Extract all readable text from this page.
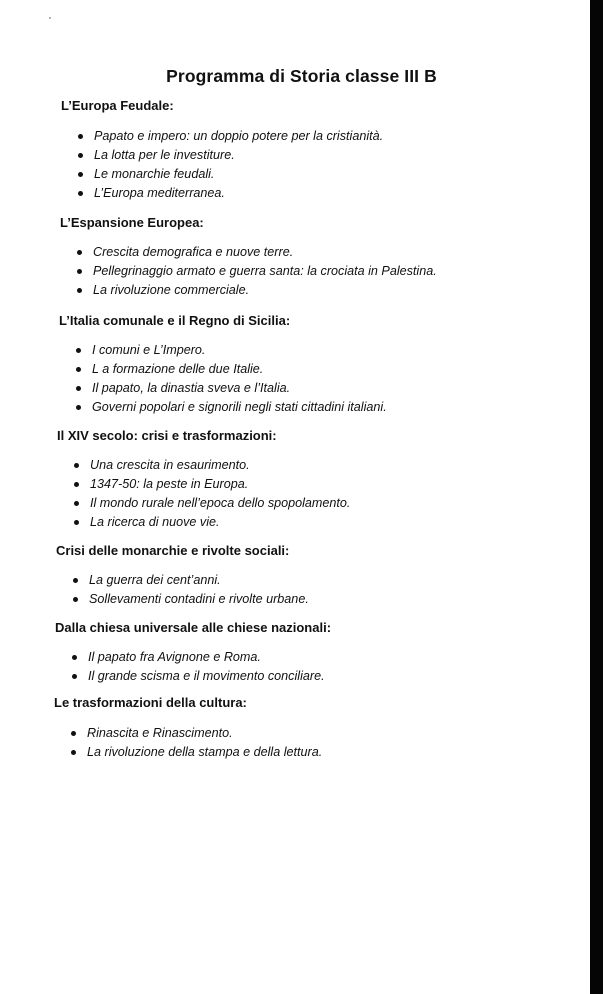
Programma di Storia classe III B
L’Europa Feudale:
Papato e impero: un doppio potere per la cristianità.
La lotta per le investiture.
Le monarchie feudali.
L’Europa mediterranea.
L’Espansione Europea:
Crescita demografica e nuove terre.
Pellegrinaggio armato e guerra santa: la crociata in Palestina.
La rivoluzione commerciale.
L’Italia comunale e il Regno di Sicilia:
I comuni e L’Impero.
L a formazione delle due Italie.
Il papato, la dinastia sveva e l’Italia.
Governi popolari e signorili negli stati cittadini italiani.
Il XIV secolo: crisi e trasformazioni:
Una crescita in esaurimento.
1347-50: la peste in Europa.
Il mondo rurale nell’epoca dello spopolamento.
La ricerca di nuove vie.
Crisi delle monarchie e rivolte sociali:
La guerra dei cent’anni.
Sollevamenti contadini e rivolte urbane.
Dalla chiesa universale alle chiese nazionali:
Il papato fra Avignone e Roma.
Il grande scisma e il movimento conciliare.
Le trasformazioni della cultura:
Rinascita e Rinascimento.
La rivoluzione della stampa e della lettura.
